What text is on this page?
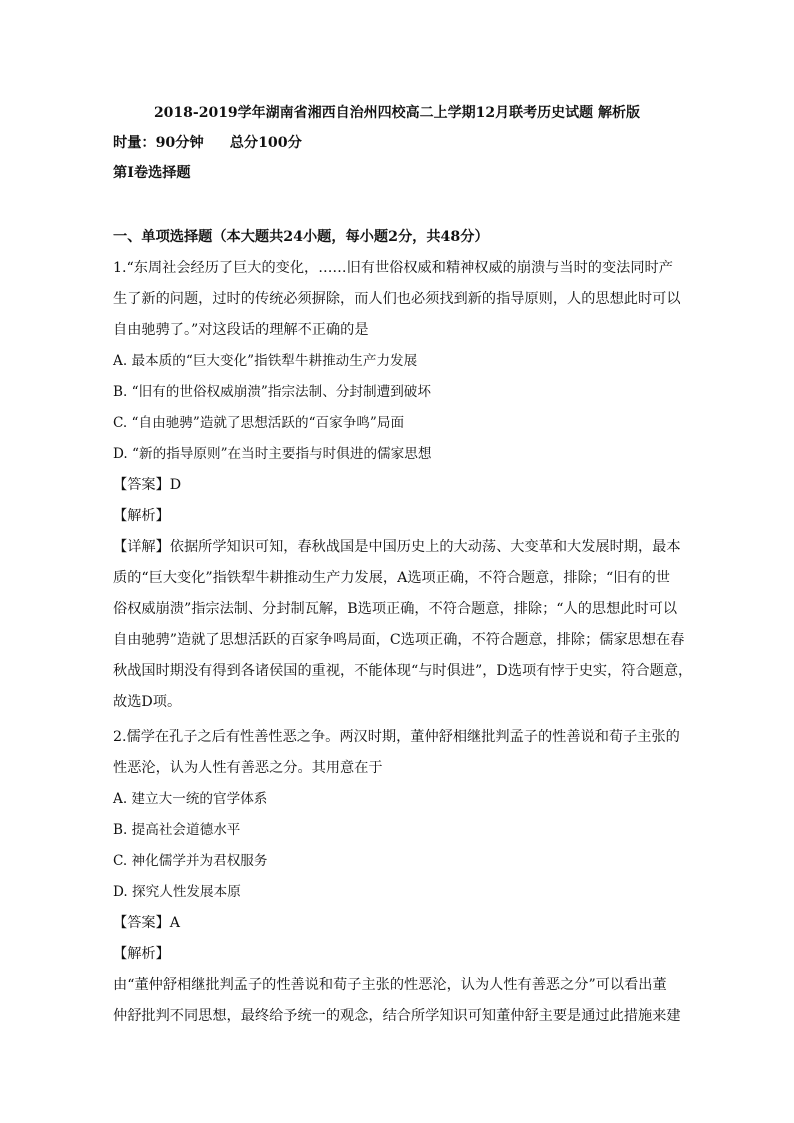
2018-2019学年湖南省湘西自治州四校高二上学期12月联考历史试题 解析版
时量：90分钟 总分100分
第Ⅰ卷选择题
一、单项选择题（本大题共24小题，每小题2分，共48分）
1.“东周社会经历了巨大的变化，……旧有世俗权威和精神权威的崩溃与当时的变法同时产
生了新的问题，过时的传统必须摒除，而人们也必须找到新的指导原则，人的思想此时可以
自由驰骋了。”对这段话的理解不正确的是
A. 最本质的“巨大变化”指铁犁牛耕推动生产力发展
B. “旧有的世俗权威崩溃”指宗法制、分封制遭到破坏
C. “自由驰骋”造就了思想活跃的“百家争鸣”局面
D. “新的指导原则”在当时主要指与时俱进的儒家思想
【答案】D
【解析】
【详解】依据所学知识可知，春秋战国是中国历史上的大动荡、大变革和大发展时期，最本
质的“巨大变化”指铁犁牛耕推动生产力发展，A选项正确，不符合题意，排除；“旧有的世
俗权威崩溃”指宗法制、分封制瓦解，B选项正确，不符合题意，排除；“人的思想此时可以
自由驰骋”造就了思想活跃的百家争鸣局面，C选项正确，不符合题意，排除；儒家思想在春
秋战国时期没有得到各诸侯国的重视，不能体现“与时俱进”，D选项有悖于史实，符合题意，
故选D项。
2.儒学在孔子之后有性善性恶之争。两汉时期，董仲舒相继批判孟子的性善说和荀子主张的
性恶沦，认为人性有善恶之分。其用意在于
A. 建立大一统的官学体系
B. 提高社会道德水平
C. 神化儒学并为君权服务
D. 探究人性发展本原
【答案】A
【解析】
由“董仲舒相继批判孟子的性善说和荀子主张的性恶沦，认为人性有善恶之分”可以看出董
仲舒批判不同思想，最终给予统一的观念，结合所学知识可知董仲舒主要是通过此措施来建
